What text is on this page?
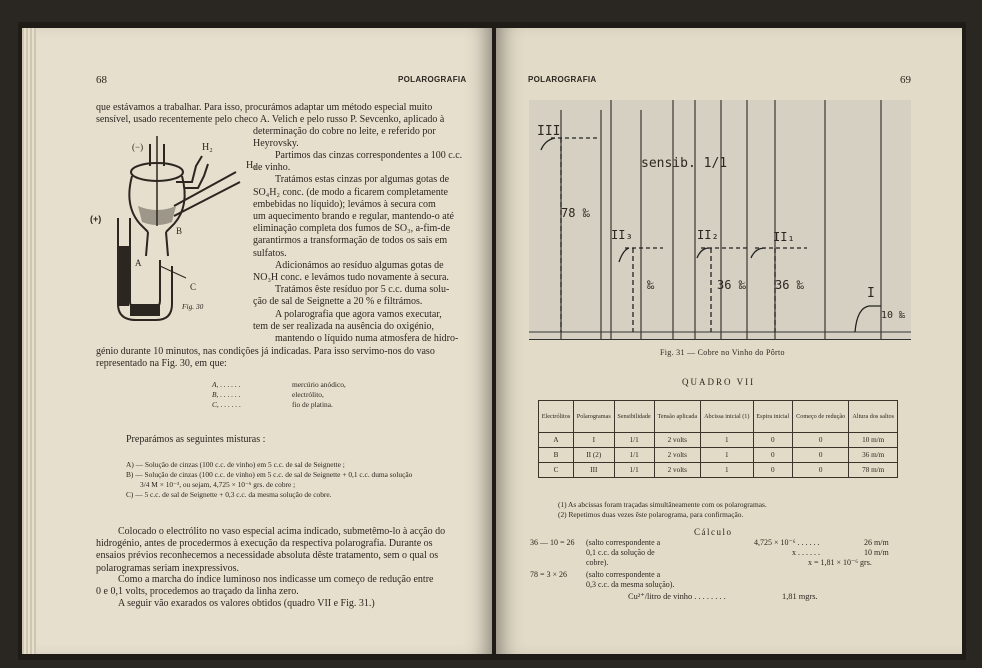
68	POLAROGRAFIA
que estávamos a trabalhar. Para isso, procurámos adaptar um método especial muito
sensível, usado recentemente pelo checo A. Velich e pelo russo P. Sevcenko, aplicado à
determinação do cobre no leite, e referido por
Heyrovsky.
(−)	H₂
H₂
(+)
A
B
C
Fig. 30
Partimos das cinzas correspondentes a 100 c.c.
de vinho.
Tratámos estas cinzas por algumas gotas de
SO₄H₂ conc. (de modo a ficarem completamente
embebidas no líquido); levámos à secura com
um aquecimento brando e regular, mantendo-o até
eliminação completa dos fumos de SO₃, a-fim-de
garantirmos a transformação de todos os sais em
sulfatos.
Adicionámos ao resíduo algumas gotas de
NO₃H conc. e levámos tudo novamente à secura.
Tratámos êste resíduo por 5 c.c. duma solu-
ção de sal de Seignette a 20 % e filtrámos.
A polarografia que agora vamos executar,
tem de ser realizada na ausência do oxigénio,
mantendo o líquido numa atmosfera de hidro-
génio durante 10 minutos, nas condições já indicadas. Para isso servimo-nos do vaso
representado na Fig. 30, em que:
A, . . . . . .	mercúrio anódico,
B, . . . . . .	electrólito,
C, . . . . . .	fio de platina.
Preparámos as seguintes misturas :
A) — Solução de cinzas (100 c.c. de vinho) em 5 c.c. de sal de Seignette ;
B) — Solução de cinzas (100 c.c. de vinho) em 5 c.c. de sal de Seignette + 0,1 c.c. duma solução
3/4 M × 10⁻³, ou sejam, 4,725 × 10⁻⁶ grs. de cobre ;
C) — 5 c.c. de sal de Seignette + 0,3 c.c. da mesma solução de cobre.
Colocado o electrólito no vaso especial acima indicado, submetêmo-lo à acção do
hidrogénio, antes de procedermos à execução da respectiva polarografia. Durante os
ensaios prévios reconhecemos a necessidade absoluta dêste tratamento, sem o qual os
polarogramas seriam inexpressivos.
Como a marcha do índice luminoso nos indicasse um começo de redução entre
0 e 0,1 volts, procedemos ao traçado da linha zero.
A seguir vão exarados os valores obtidos (quadro VII e Fig. 31.)
POLAROGRAFIA	69
III
sensib. 1/1
78 ‰
II₃
‰
II₂
36 ‰
II₁
36 ‰
I
10 ‰
Fig. 31 — Cobre no Vinho do Pôrto
QUADRO VII
Electrólitos	Polarogramas	Sensibilidade	Tensão aplicada	Abcissa inicial (1)	Espira inicial	Começo de redução	Altura dos saltos
A	I	1/1	2 volts	1	0	0	10 m/m
B	II (2)	1/1	2 volts	1	0	0	36 m/m
C	III	1/1	2 volts	1	0	0	78 m/m
(1) As abcissas foram traçadas simultâneamente com os polarogramas.
(2) Repetimos duas vezes êste polarograma, para confirmação.
Cálculo
36 — 10 = 26 (salto correspondente a
0,1 c.c. da solução de
cobre).
78 = 3 × 26 (salto correspondente a
0,3 c.c. da mesma solução).
4,725 × 10⁻⁶ . . . . . .	26 m/m
x . . . . . .	10 m/m
x = 1,81 × 10⁻⁶ grs.
Cu²⁺/litro de vinho . . . . . . . .	1,81 mgrs.
